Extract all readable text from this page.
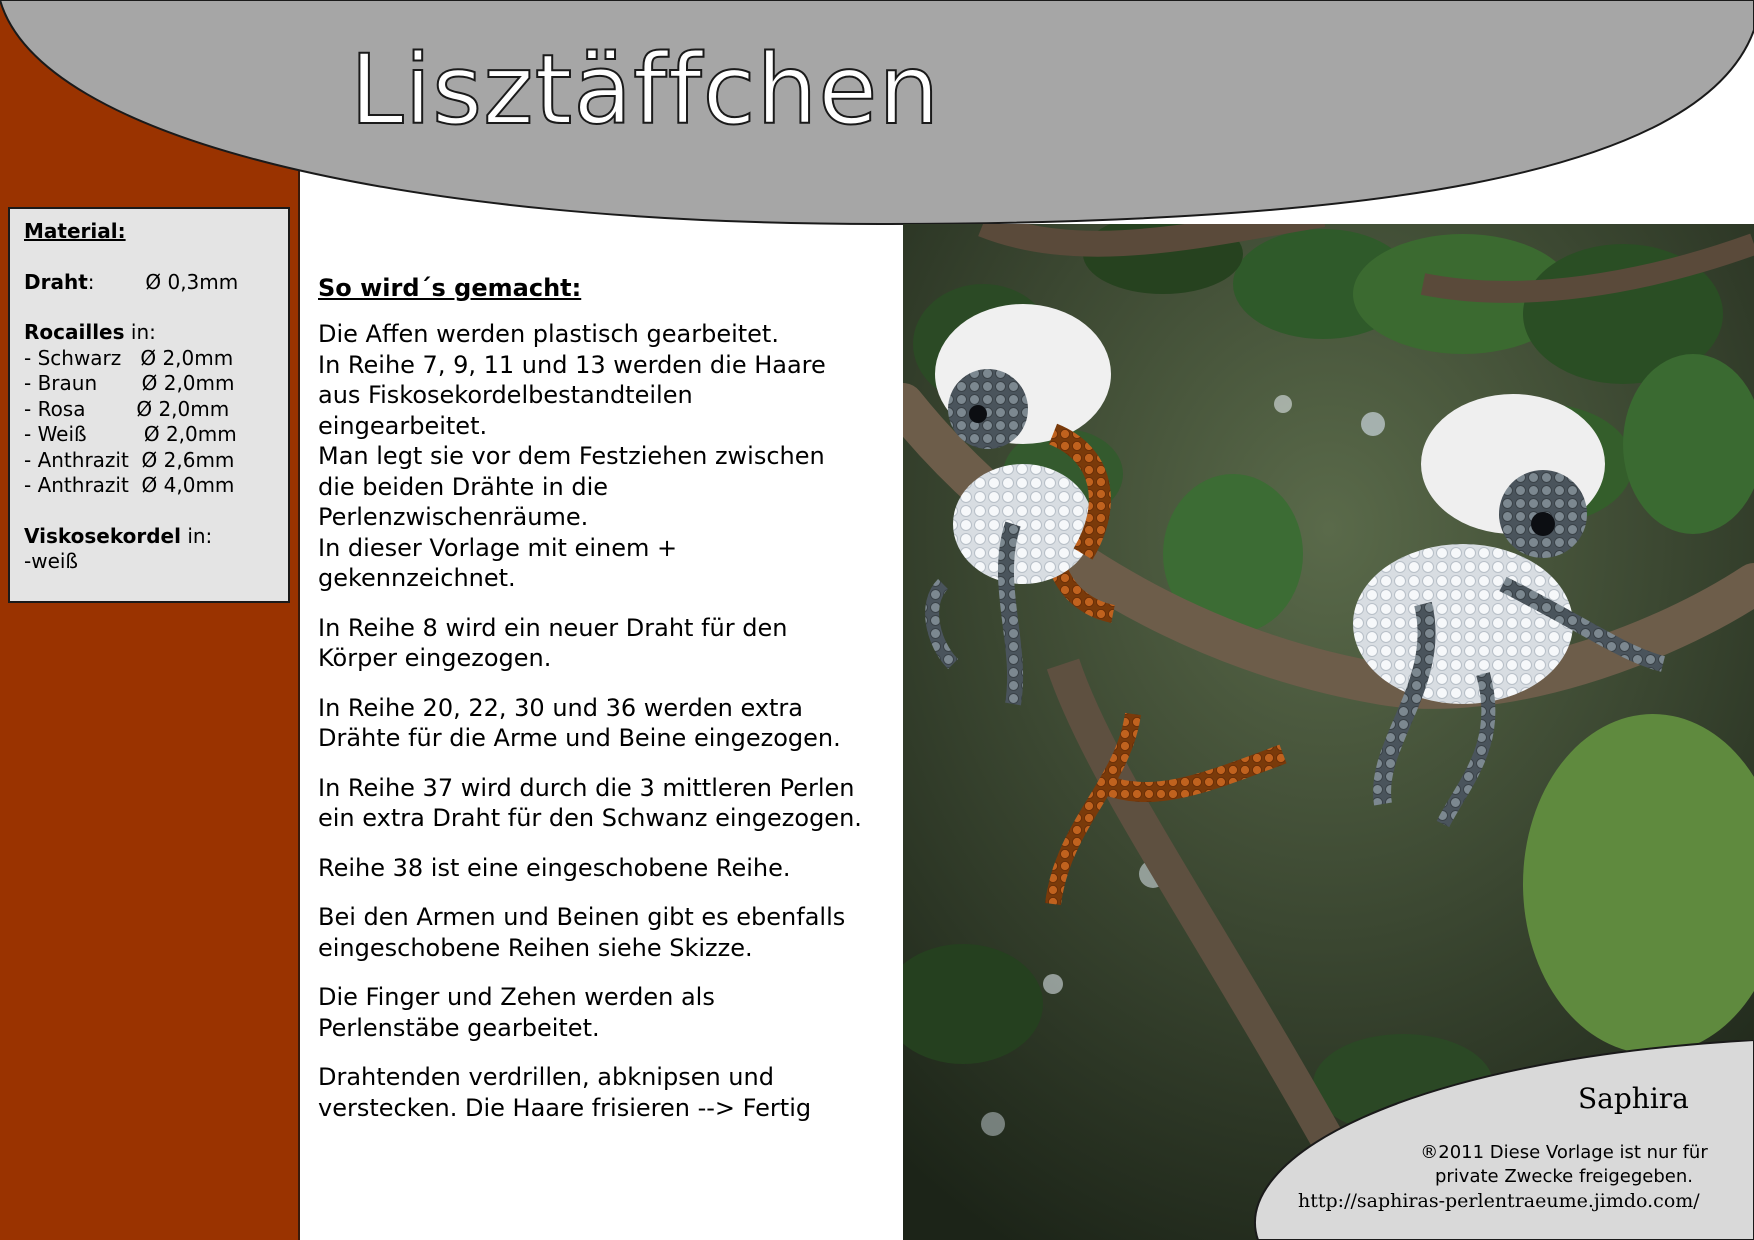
Lisztäffchen
Material:
Draht:        Ø 0,3mm
Rocailles in:
- Schwarz   Ø 2,0mm
- Braun       Ø 2,0mm
- Rosa        Ø 2,0mm
- Weiß         Ø 2,0mm
- Anthrazit  Ø 2,6mm
- Anthrazit  Ø 4,0mm
Viskosekordel in:
-weiß
So wird´s gemacht:

Die Affen werden plastisch gearbeitet.
In Reihe 7, 9, 11 und 13 werden die Haare
aus Fiskosekordelbestandteilen
eingearbeitet.
Man legt sie vor dem Festziehen zwischen
die beiden Drähte in die
Perlenzwischenräume.
In dieser Vorlage mit einem +
gekennzeichnet.

In Reihe 8 wird ein neuer Draht für den
Körper eingezogen.

In Reihe 20, 22, 30 und 36 werden extra
Drähte für die Arme und Beine eingezogen.

In Reihe 37 wird durch die 3 mittleren Perlen
ein extra Draht für den Schwanz eingezogen.

Reihe 38 ist eine eingeschobene Reihe.

Bei den Armen und Beinen gibt es ebenfalls
eingeschobene Reihen siehe Skizze.

Die Finger und Zehen werden als
Perlenstäbe gearbeitet.

Drahtenden verdrillen, abknipsen und
verstecken. Die Haare frisieren --> Fertig	Saphira
®2011 Diese Vorlage ist nur für
private Zwecke freigegeben.
http://saphiras-perlentraeume.jimdo.com/
